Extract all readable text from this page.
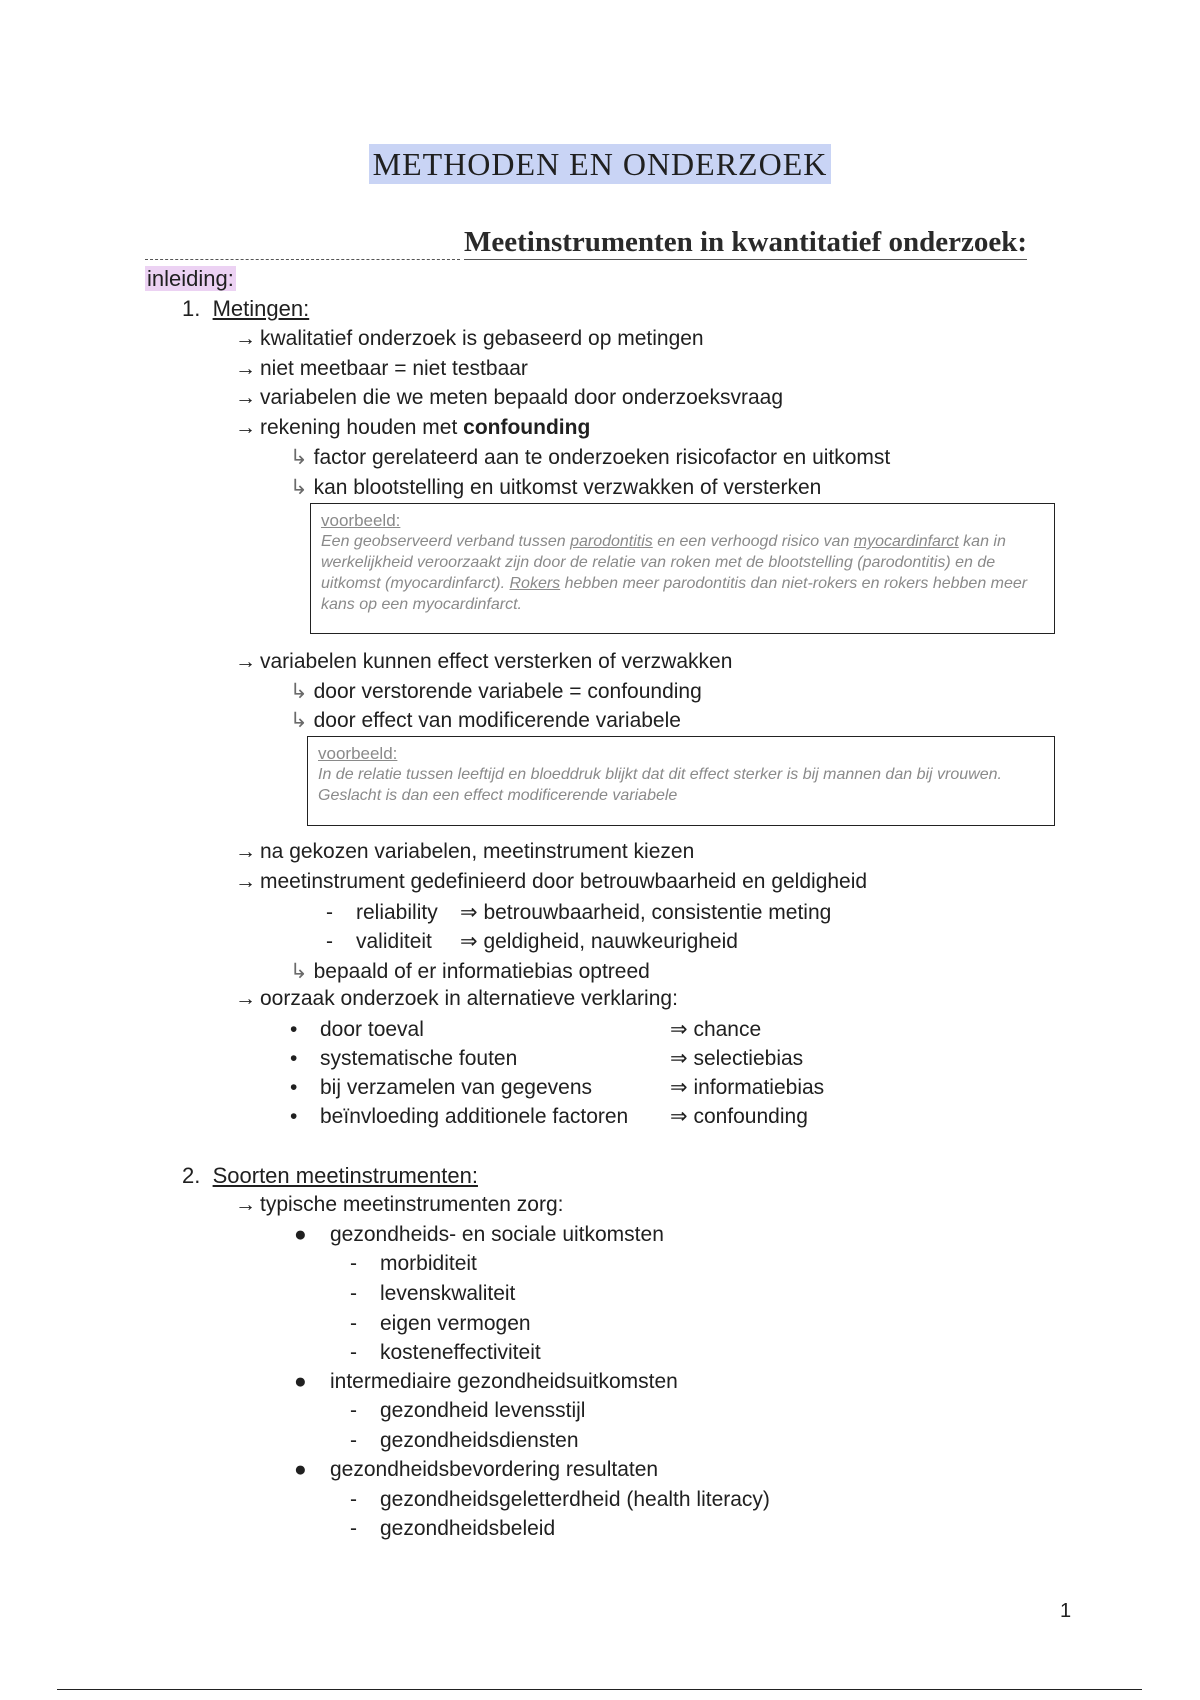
METHODEN EN ONDERZOEK
Meetinstrumenten in kwantitatief onderzoek:
inleiding:
1. Metingen:
→ kwalitatief onderzoek is gebaseerd op metingen
→ niet meetbaar = niet testbaar
→ variabelen die we meten bepaald door onderzoeksvraag
→ rekening houden met confounding
↳ factor gerelateerd aan te onderzoeken risicofactor en uitkomst
↳ kan blootstelling en uitkomst verzwakken of versterken
voorbeeld:
Een geobserveerd verband tussen parodontitis en een verhoogd risico van myocardinfarct kan in werkelijkheid veroorzaakt zijn door de relatie van roken met de blootstelling (parodontitis) en de uitkomst (myocardinfarct). Rokers hebben meer parodontitis dan niet-rokers en rokers hebben meer kans op een myocardinfarct.
→ variabelen kunnen effect versterken of verzwakken
↳ door verstorende variabele = confounding
↳ door effect van modificerende variabele
voorbeeld:
In de relatie tussen leeftijd en bloeddruk blijkt dat dit effect sterker is bij mannen dan bij vrouwen. Geslacht is dan een effect modificerende variabele
→ na gekozen variabelen, meetinstrument kiezen
→ meetinstrument gedefinieerd door betrouwbaarheid en geldigheid
- reliability ⇒ betrouwbaarheid, consistentie meting
- validiteit ⇒ geldigheid, nauwkeurigheid
↳ bepaald of er informatiebias optreed
→ oorzaak onderzoek in alternatieve verklaring:
• door toeval	⇒ chance
• systematische fouten	⇒ selectiebias
• bij verzamelen van gegevens	⇒ informatiebias
• beïnvloeding additionele factoren ⇒ confounding
2. Soorten meetinstrumenten:
→ typische meetinstrumenten zorg:
● gezondheids- en sociale uitkomsten
- morbiditeit
- levenskwaliteit
- eigen vermogen
- kosteneffectiviteit
● intermediaire gezondheidsuitkomsten
- gezondheid levensstijl
- gezondheidsdiensten
● gezondheidsbevordering resultaten
- gezondheidsgeletterdheid (health literacy)
- gezondheidsbeleid
1
